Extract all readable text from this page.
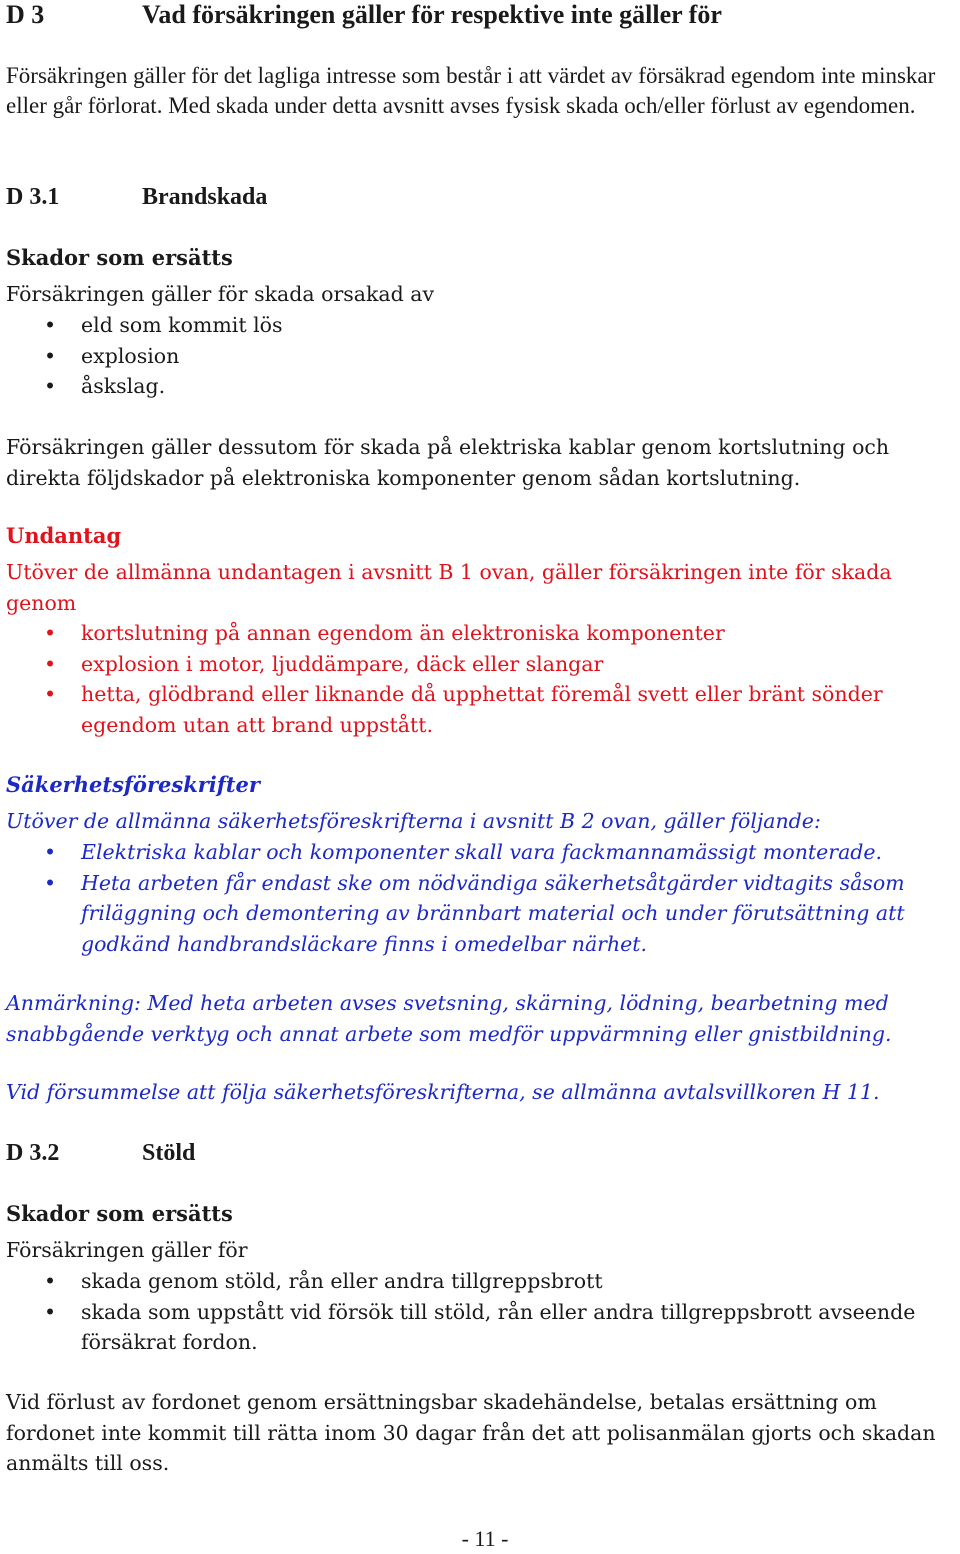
D 3	Vad försäkringen gäller för respektive inte gäller för

Försäkringen gäller för det lagliga intresse som består i att värdet av försäkrad egendom inte minskar eller går förlorat. Med skada under detta avsnitt avses fysisk skada och/eller förlust av egendomen.

D 3.1	Brandskada
Skador som ersätts

Försäkringen gäller för skada orsakad av

• eld som kommit lös
• explosion
• åskslag.

Försäkringen gäller dessutom för skada på elektriska kablar genom kortslutning och direkta följdskador på elektroniska komponenter genom sådan kortslutning.

Undantag

Utöver de allmänna undantagen i avsnitt B 1 ovan, gäller försäkringen inte för skada genom

• kortslutning på annan egendom än elektroniska komponenter
• explosion i motor, ljuddämpare, däck eller slangar
• hetta, glödbrand eller liknande då upphettat föremål svett eller bränt sönder egendom utan att brand uppstått.
Säkerhetsföreskrifter

Utöver de allmänna säkerhetsföreskrifterna i avsnitt B 2 ovan, gäller följande:

• Elektriska kablar och komponenter skall vara fackmannamässigt monterade.
• Heta arbeten får endast ske om nödvändiga säkerhetsåtgärder vidtagits såsom friläggning och demontering av brännbart material och under förutsättning att godkänd handbrandsläckare finns i omedelbar närhet.

Anmärkning: Med heta arbeten avses svetsning, skärning, lödning, bearbetning med snabbgående verktyg och annat arbete som medför uppvärmning eller gnistbildning.

Vid försummelse att följa säkerhetsföreskrifterna, se allmänna avtalsvillkoren H 11.

D 3.2	Stöld
Skador som ersätts

Försäkringen gäller för

• skada genom stöld, rån eller andra tillgreppsbrott
• skada som uppstått vid försök till stöld, rån eller andra tillgreppsbrott avseende försäkrat fordon.

Vid förlust av fordonet genom ersättningsbar skadehändelse, betalas ersättning om fordonet inte kommit till rätta inom 30 dagar från det att polisanmälan gjorts och skadan anmälts till oss.

- 11 -
